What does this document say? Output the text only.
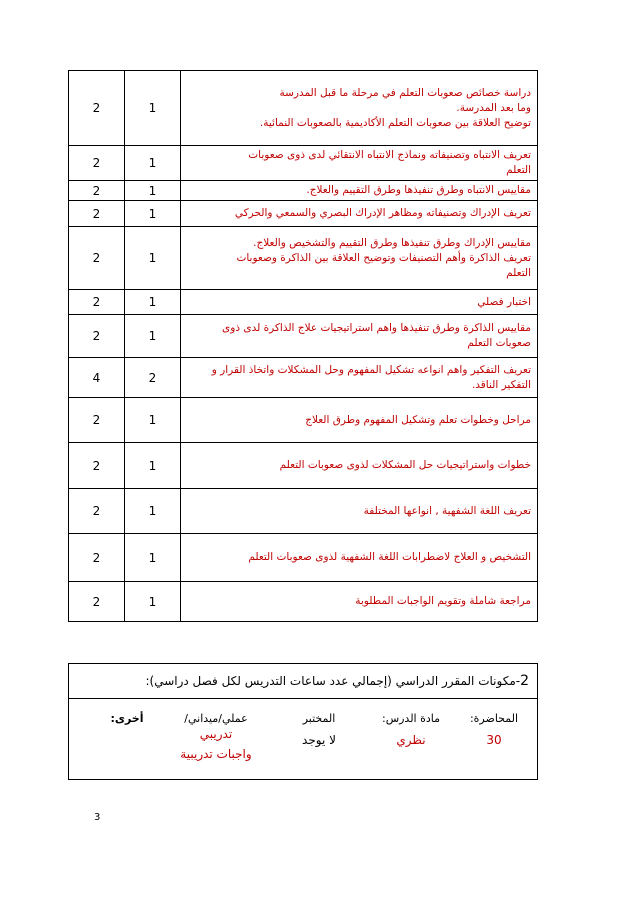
2	1	دراسة خصائص صعوبات التعلم في مرحلة ما قبل المدرسة

وما بعد المدرسة.

توضيح العلاقة بين صعوبات التعلم الأكاديمية بالصعوبات النمائية.

2	1	تعريف الانتباه وتصنيفاته ونماذج الانتباه الانتقائي لدى ذوى صعوبات

التعلم

2	1	مقاييس الانتباه وطرق تنفيذها وطرق التقييم والعلاج.

2	1	تعريف الإدراك وتصنيفاته ومظاهر الإدراك البصري والسمعي والحركي

2	1	مقاييس الإدراك وطرق تنفيذها وطرق التقييم والتشخيص والعلاج.

تعريف الذاكرة وأهم التصنيفات وتوضيح العلاقة بين الذاكرة وصعوبات

التعلم

2	1	اختبار فصلي

2	1	مقاييس الذاكرة وطرق تنفيذها واهم استراتيجيات علاج الذاكرة لدى ذوى

صعوبات التعلم

4	2	تعريف التفكير واهم انواعه تشكيل المفهوم وحل المشكلات واتخاذ القرار و

التفكير الناقد.

2	1	مراحل وخطوات تعلم وتشكيل المفهوم وطرق العلاج

2	1	خطوات واستراتيجيات حل المشكلات لذوى صعوبات التعلم

2	1	تعريف اللغة الشفهية , انواعها المختلفة

2	1	التشخيص و العلاج لاضطرابات اللغة الشفهية لذوى صعوبات التعلم

2	1	مراجعة شاملة وتقويم الواجبات المطلوبة

2-مكونات المقرر الدراسي (إجمالي عدد ساعات التدريس لكل فصل دراسي):
المحاضرة:
30
مادة الدرس:
نظري
المختبر
لا يوجد
عملي/ميداني/
تدريبي
واجبات تدريبية
أخرى:
3
